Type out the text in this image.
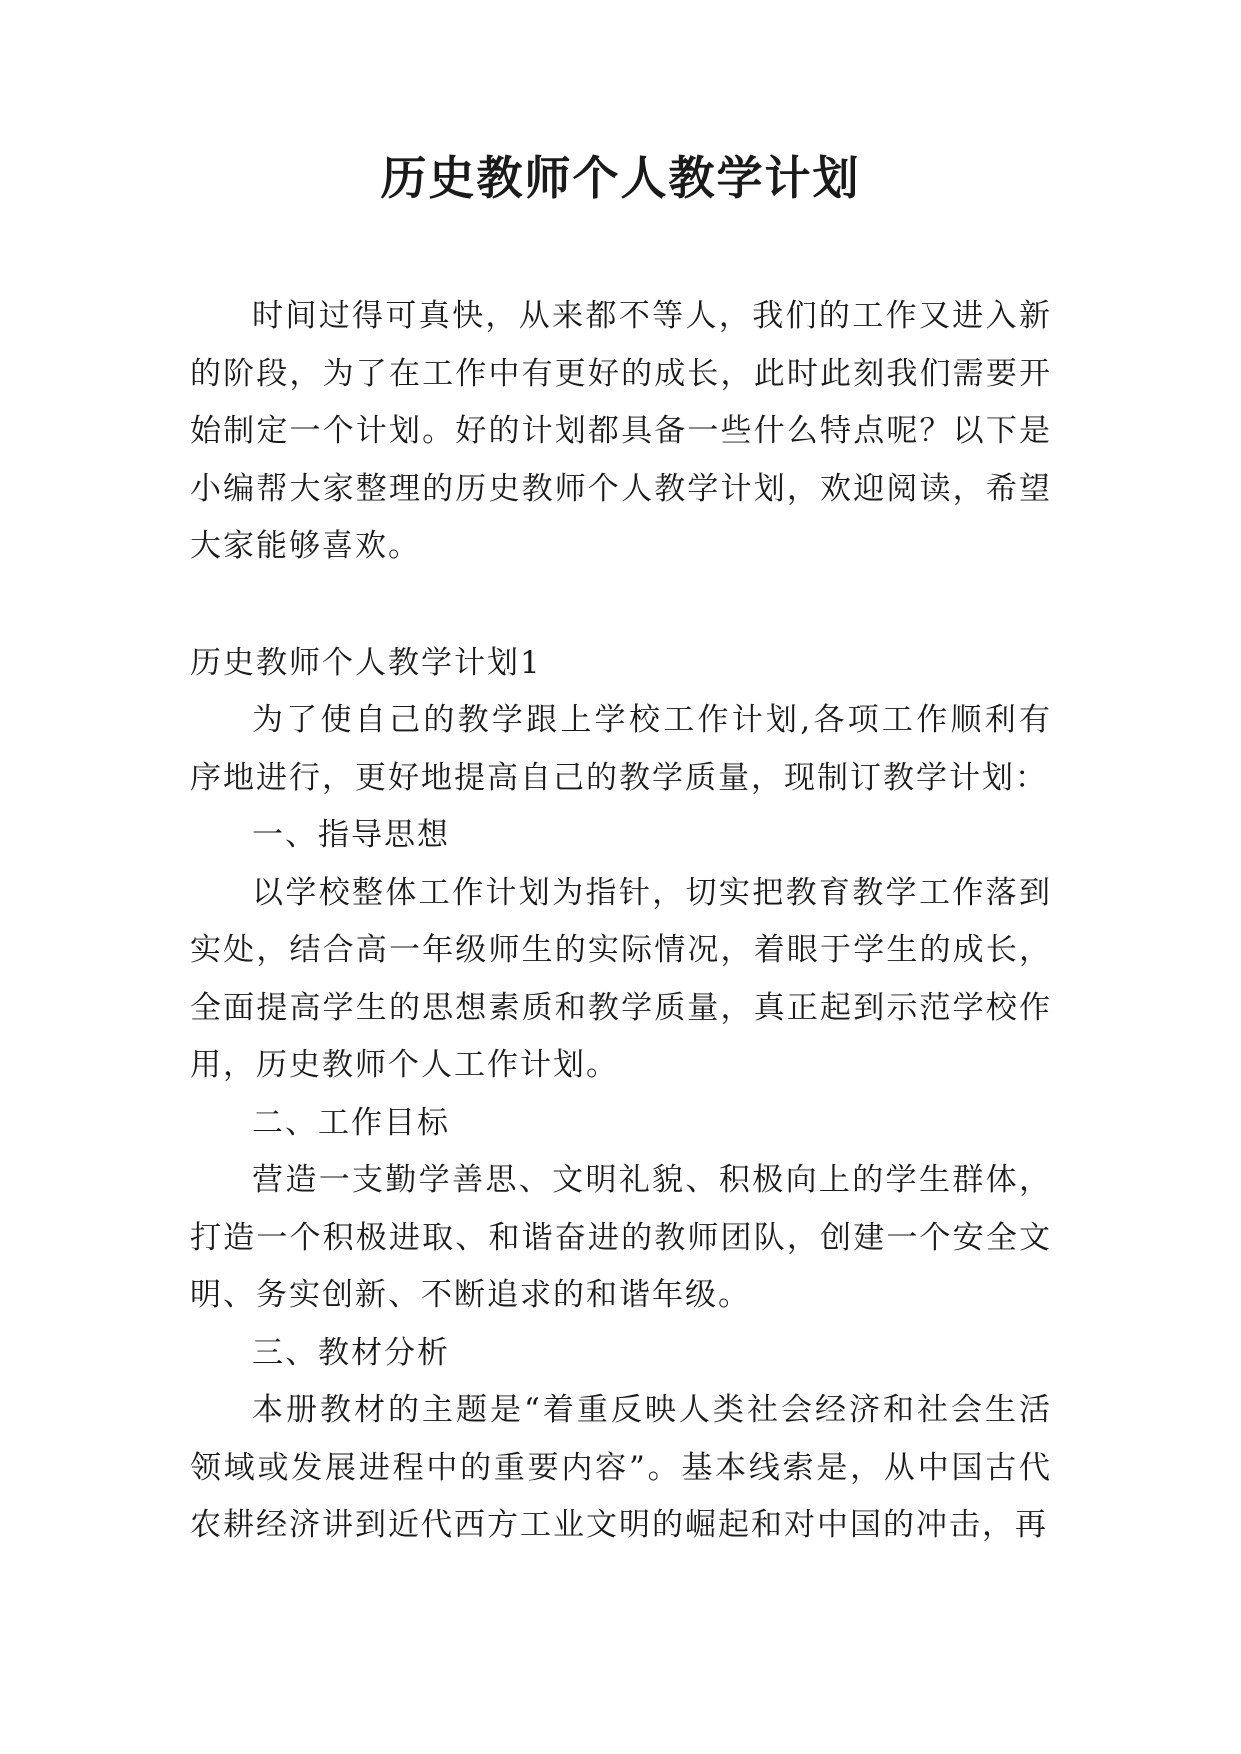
历史教师个人教学计划

时间过得可真快，从来都不等人，我们的工作又进入新的阶段，为了在工作中有更好的成长，此时此刻我们需要开始制定一个计划。好的计划都具备一些什么特点呢？以下是小编帮大家整理的历史教师个人教学计划，欢迎阅读，希望大家能够喜欢。

历史教师个人教学计划1

为了使自己的教学跟上学校工作计划,各项工作顺利有序地进行，更好地提高自己的教学质量，现制订教学计划：

一、指导思想

以学校整体工作计划为指针，切实把教育教学工作落到实处，结合高一年级师生的实际情况，着眼于学生的成长，全面提高学生的思想素质和教学质量，真正起到示范学校作用，历史教师个人工作计划。

二、工作目标

营造一支勤学善思、文明礼貌、积极向上的学生群体，打造一个积极进取、和谐奋进的教师团队，创建一个安全文明、务实创新、不断追求的和谐年级。

三、教材分析

本册教材的主题是“着重反映人类社会经济和社会生活领域或发展进程中的重要内容”。基本线索是，从中国古代农耕经济讲到近代西方工业文明的崛起和对中国的冲击，再
